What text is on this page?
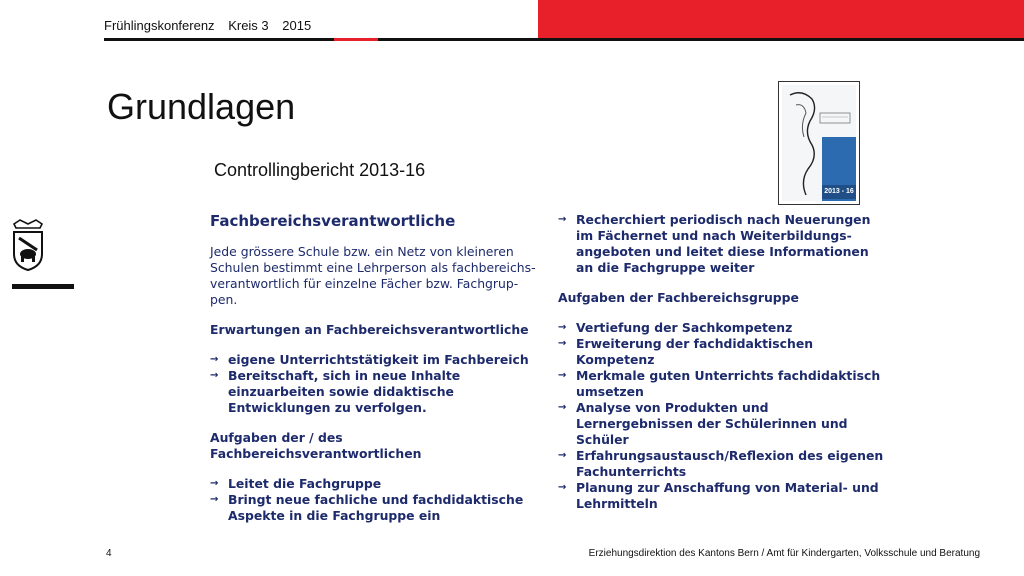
Frühlingskonferenz Kreis 3 2015
Grundlagen
Controllingbericht 2013-16
2013 - 16
Fachbereichsverantwortliche
Jede grössere Schule bzw. ein Netz von kleineren Schulen bestimmt eine Lehrperson als fachbereichs-verantwortlich für einzelne Fächer bzw. Fachgrup-pen.
Erwartungen an Fachbereichsverantwortliche
→ eigene Unterrichtstätigkeit im Fachbereich
→ Bereitschaft, sich in neue Inhalte einzuarbeiten sowie didaktische Entwicklungen zu verfolgen.
Aufgaben der / des Fachbereichsverantwortlichen
→ Leitet die Fachgruppe
→ Bringt neue fachliche und fachdidaktische Aspekte in die Fachgruppe ein
→ Recherchiert periodisch nach Neuerungen im Fächernet und nach Weiterbildungs-angeboten und leitet diese Informationen an die Fachgruppe weiter
Aufgaben der Fachbereichsgruppe
→ Vertiefung der Sachkompetenz
→ Erweiterung der fachdidaktischen Kompetenz
→ Merkmale guten Unterrichts fachdidaktisch umsetzen
→ Analyse von Produkten und Lernergebnissen der Schülerinnen und Schüler
→ Erfahrungsaustausch/Reflexion des eigenen Fachunterrichts
→ Planung zur Anschaffung von Material- und Lehrmitteln
4	Erziehungsdirektion des Kantons Bern / Amt für Kindergarten, Volksschule und Beratung
